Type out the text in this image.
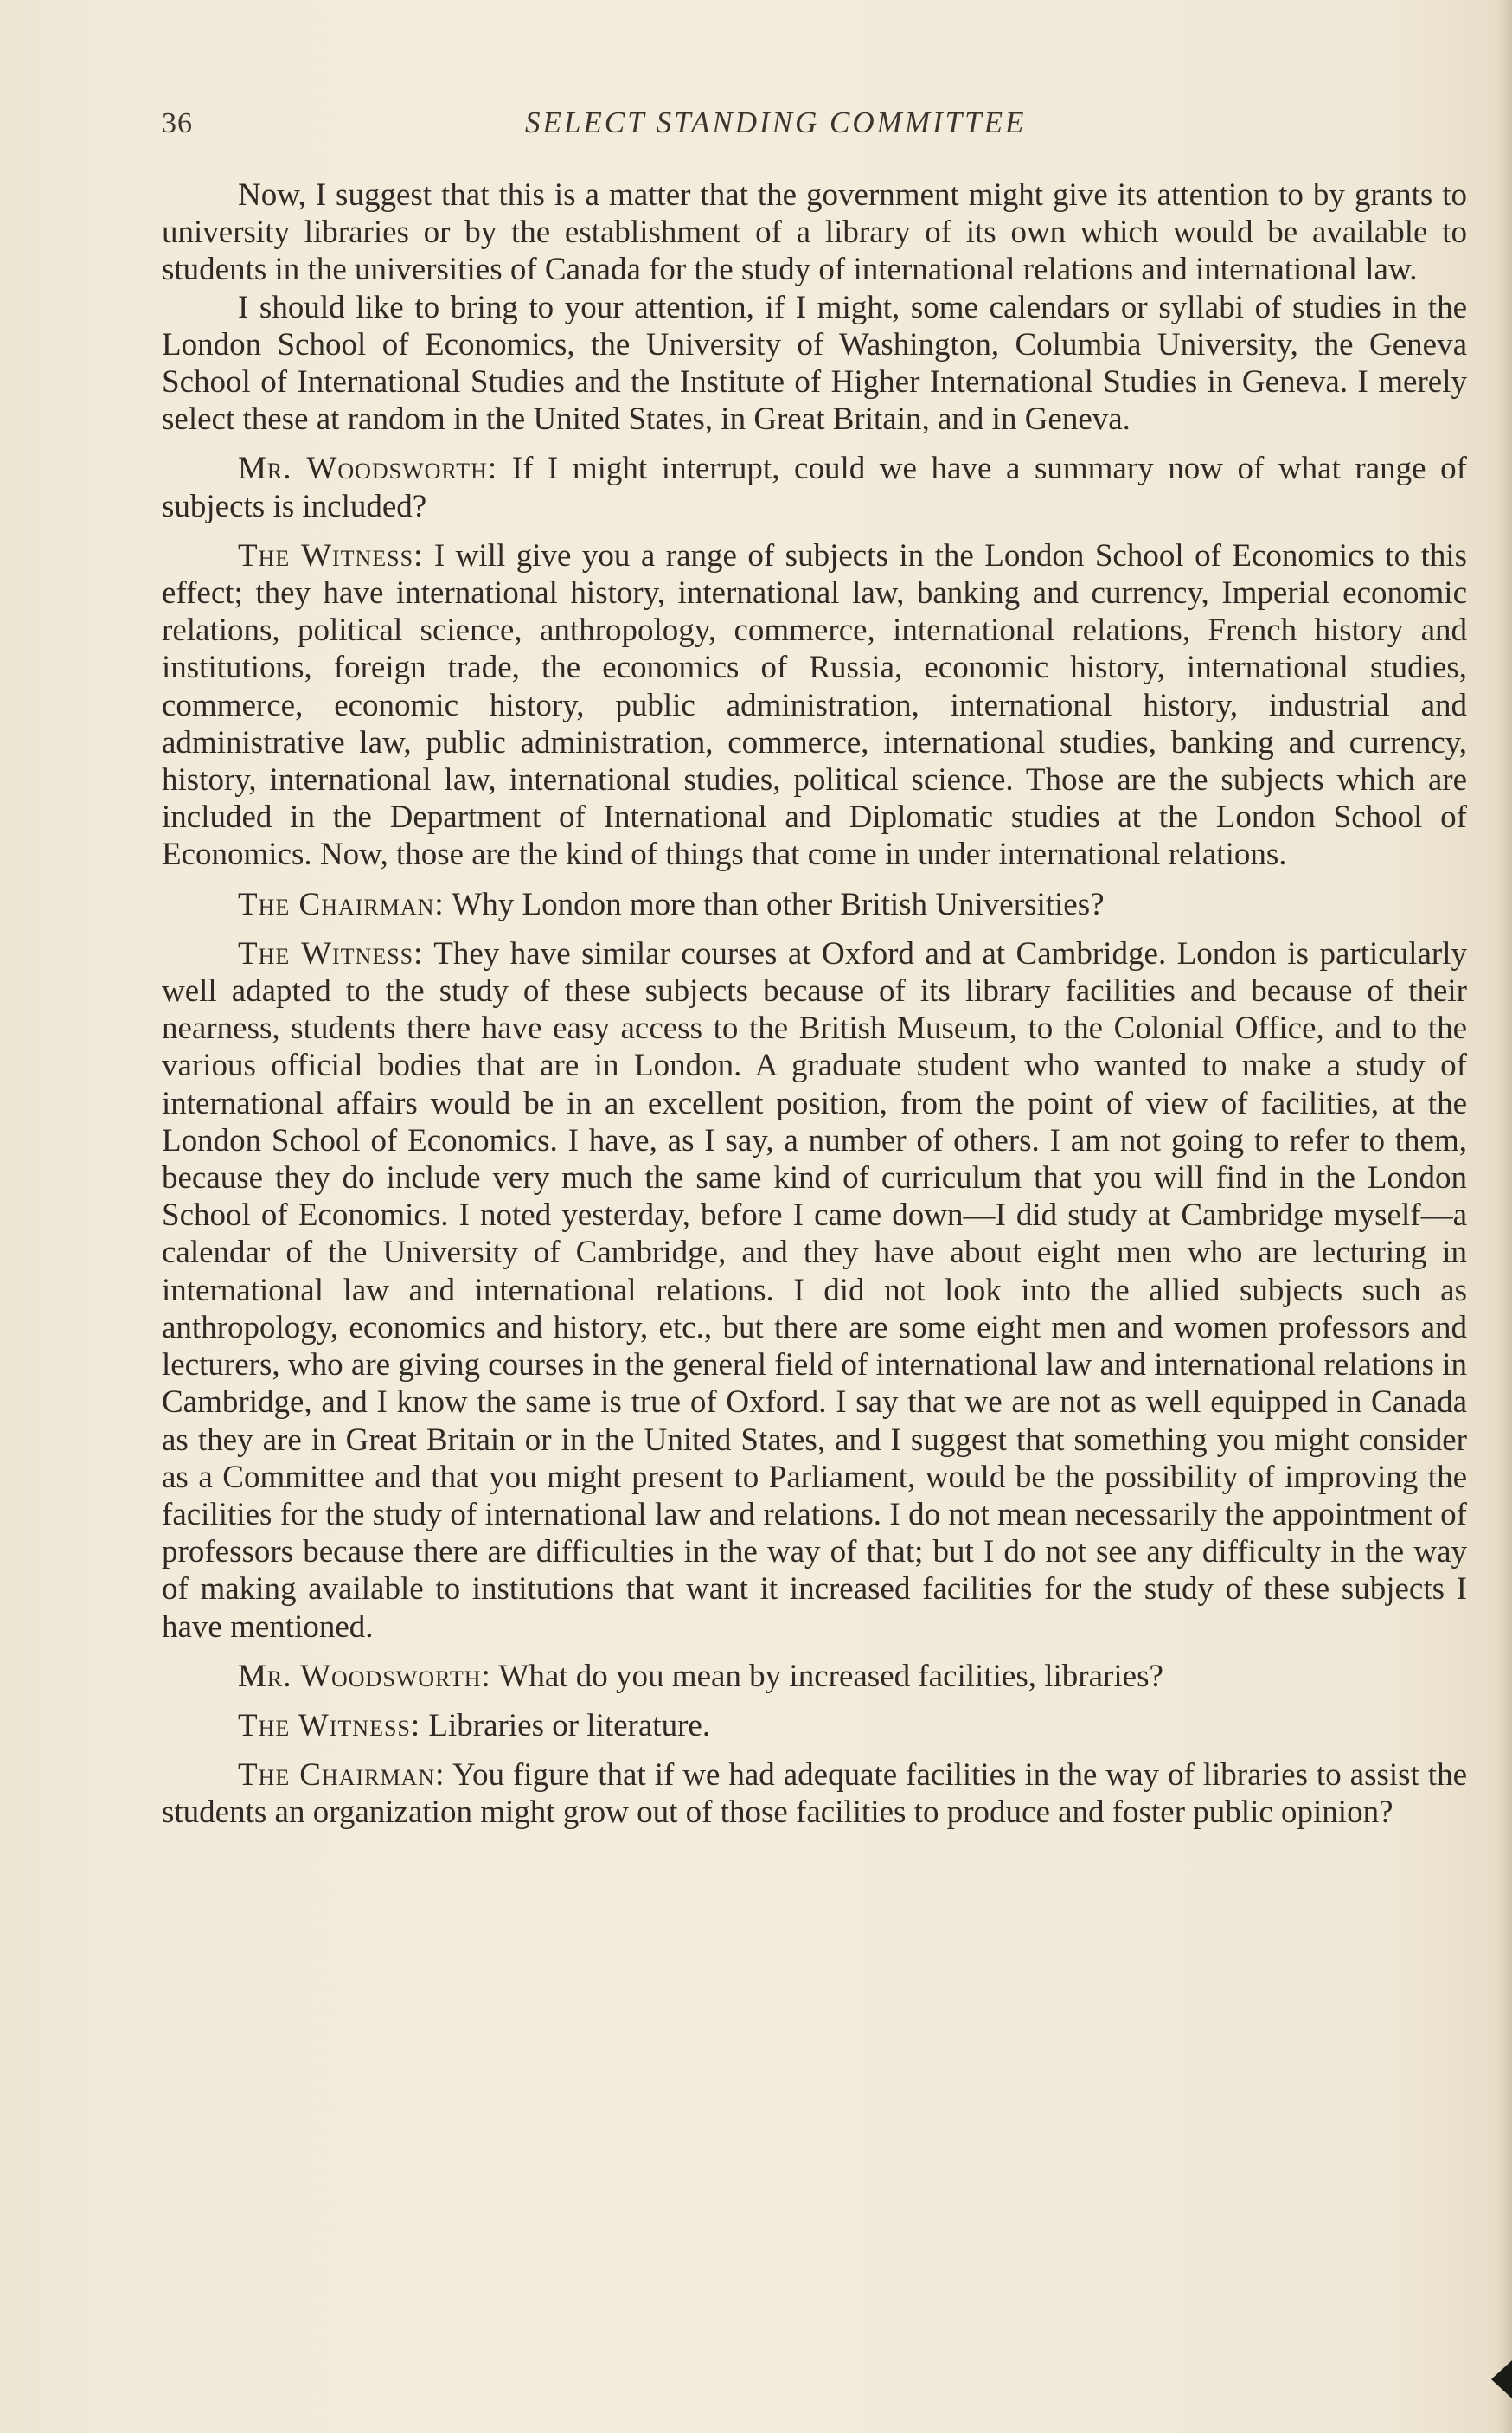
36	SELECT STANDING COMMITTEE

Now, I suggest that this is a matter that the government might give its attention to by grants to university libraries or by the establishment of a library of its own which would be available to students in the universities of Canada for the study of international relations and international law.

I should like to bring to your attention, if I might, some calendars or syllabi of studies in the London School of Economics, the University of Washington, Columbia University, the Geneva School of International Studies and the Institute of Higher International Studies in Geneva. I merely select these at random in the United States, in Great Britain, and in Geneva.

Mr. Woodsworth: If I might interrupt, could we have a summary now of what range of subjects is included?

The Witness: I will give you a range of subjects in the London School of Economics to this effect; they have international history, international law, banking and currency, Imperial economic relations, political science, anthropology, commerce, international relations, French history and institutions, foreign trade, the economics of Russia, economic history, international studies, commerce, economic history, public administration, international history, industrial and administrative law, public administration, commerce, international studies, banking and currency, history, international law, international studies, political science. Those are the subjects which are included in the Department of International and Diplomatic studies at the London School of Economics. Now, those are the kind of things that come in under international relations.

The Chairman: Why London more than other British Universities?

The Witness: They have similar courses at Oxford and at Cambridge. London is particularly well adapted to the study of these subjects because of its library facilities and because of their nearness, students there have easy access to the British Museum, to the Colonial Office, and to the various official bodies that are in London. A graduate student who wanted to make a study of international affairs would be in an excellent position, from the point of view of facilities, at the London School of Economics. I have, as I say, a number of others. I am not going to refer to them, because they do include very much the same kind of curriculum that you will find in the London School of Economics. I noted yesterday, before I came down—I did study at Cambridge myself—a calendar of the University of Cambridge, and they have about eight men who are lecturing in international law and international relations. I did not look into the allied subjects such as anthropology, economics and history, etc., but there are some eight men and women professors and lecturers, who are giving courses in the general field of international law and international relations in Cambridge, and I know the same is true of Oxford. I say that we are not as well equipped in Canada as they are in Great Britain or in the United States, and I suggest that something you might consider as a Committee and that you might present to Parliament, would be the possibility of improving the facilities for the study of international law and relations. I do not mean necessarily the appointment of professors because there are difficulties in the way of that; but I do not see any difficulty in the way of making available to institutions that want it increased facilities for the study of these subjects I have mentioned.

Mr. Woodsworth: What do you mean by increased facilities, libraries?

The Witness: Libraries or literature.

The Chairman: You figure that if we had adequate facilities in the way of libraries to assist the students an organization might grow out of those facilities to produce and foster public opinion?
